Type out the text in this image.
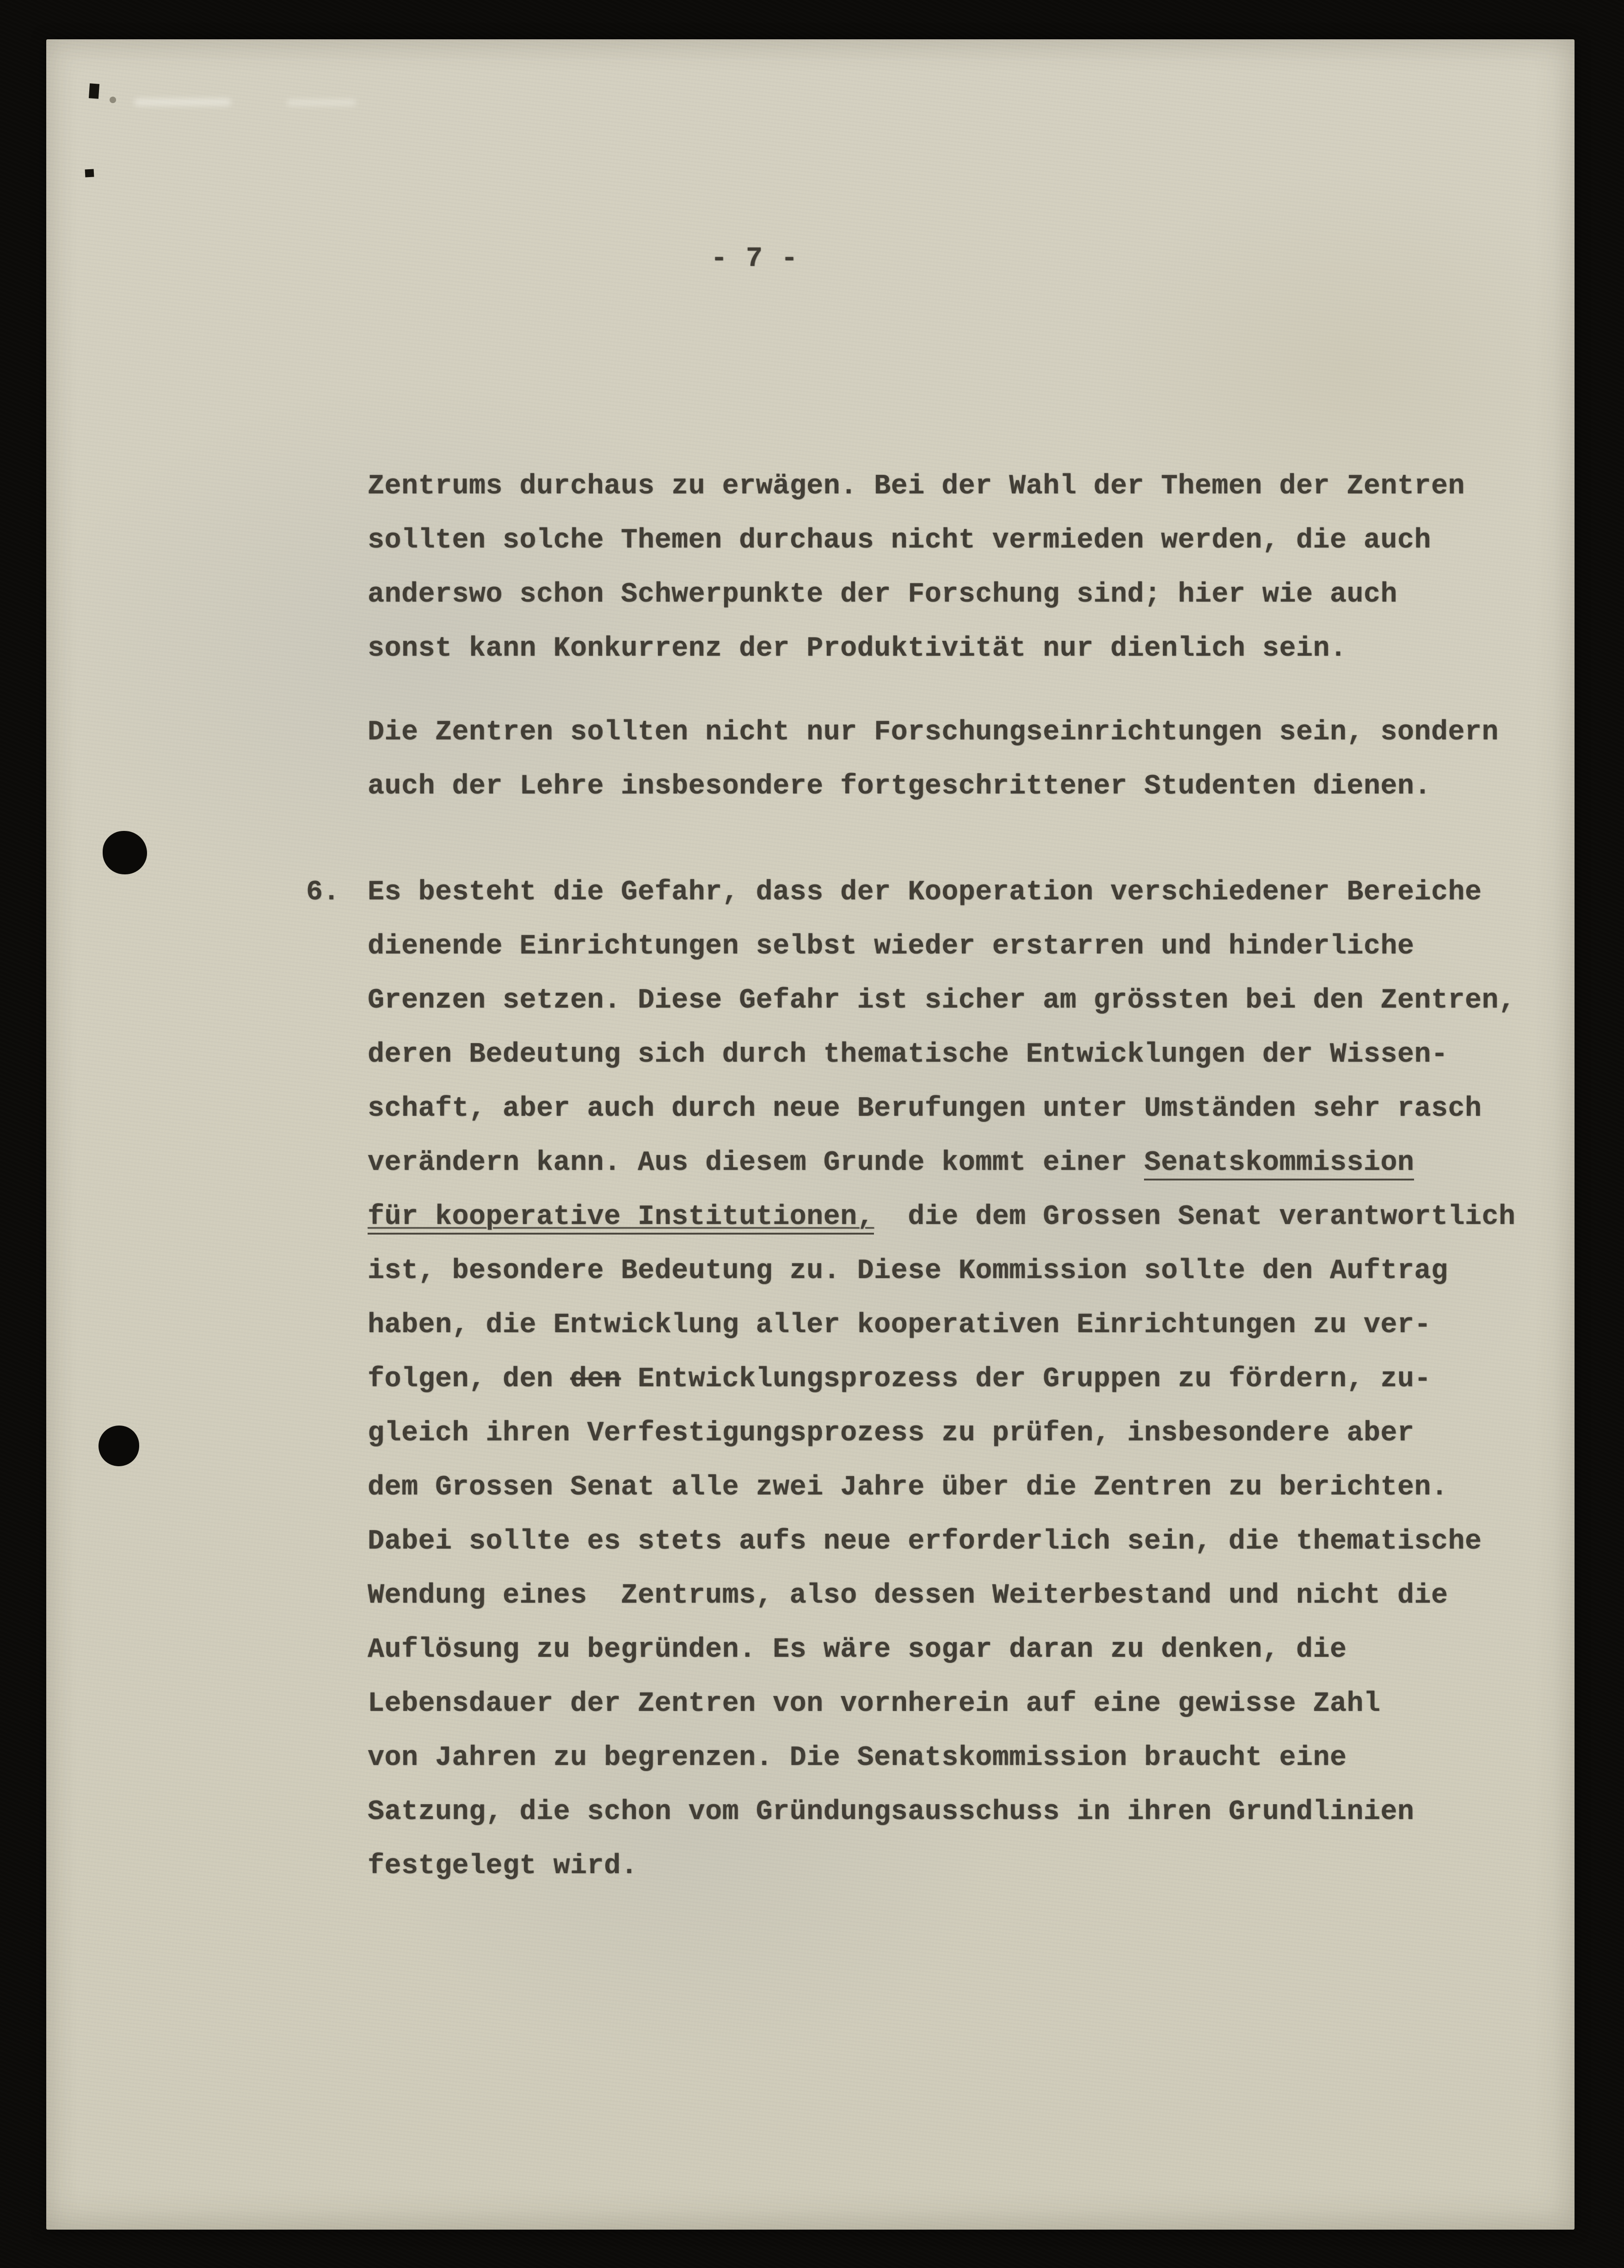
- 7 -
Zentrums durchaus zu erwägen. Bei der Wahl der Themen der Zentren
sollten solche Themen durchaus nicht vermieden werden, die auch
anderswo schon Schwerpunkte der Forschung sind; hier wie auch
sonst kann Konkurrenz der Produktivität nur dienlich sein.
Die Zentren sollten nicht nur Forschungseinrichtungen sein, sondern
auch der Lehre insbesondere fortgeschrittener Studenten dienen.
6. Es besteht die Gefahr, dass der Kooperation verschiedener Bereiche
dienende Einrichtungen selbst wieder erstarren und hinderliche
Grenzen setzen. Diese Gefahr ist sicher am grössten bei den Zentren,
deren Bedeutung sich durch thematische Entwicklungen der Wissen-
schaft, aber auch durch neue Berufungen unter Umständen sehr rasch
verändern kann. Aus diesem Grunde kommt einer Senatskommission
für kooperative Institutionen,  die dem Grossen Senat verantwortlich
ist, besondere Bedeutung zu. Diese Kommission sollte den Auftrag
haben, die Entwicklung aller kooperativen Einrichtungen zu ver-
folgen, den den Entwicklungsprozess der Gruppen zu fördern, zu-
gleich ihren Verfestigungsprozess zu prüfen, insbesondere aber
dem Grossen Senat alle zwei Jahre über die Zentren zu berichten.
Dabei sollte es stets aufs neue erforderlich sein, die thematische
Wendung eines  Zentrums, also dessen Weiterbestand und nicht die
Auflösung zu begründen. Es wäre sogar daran zu denken, die
Lebensdauer der Zentren von vornherein auf eine gewisse Zahl
von Jahren zu begrenzen. Die Senatskommission braucht eine
Satzung, die schon vom Gründungsausschuss in ihren Grundlinien
festgelegt wird.
